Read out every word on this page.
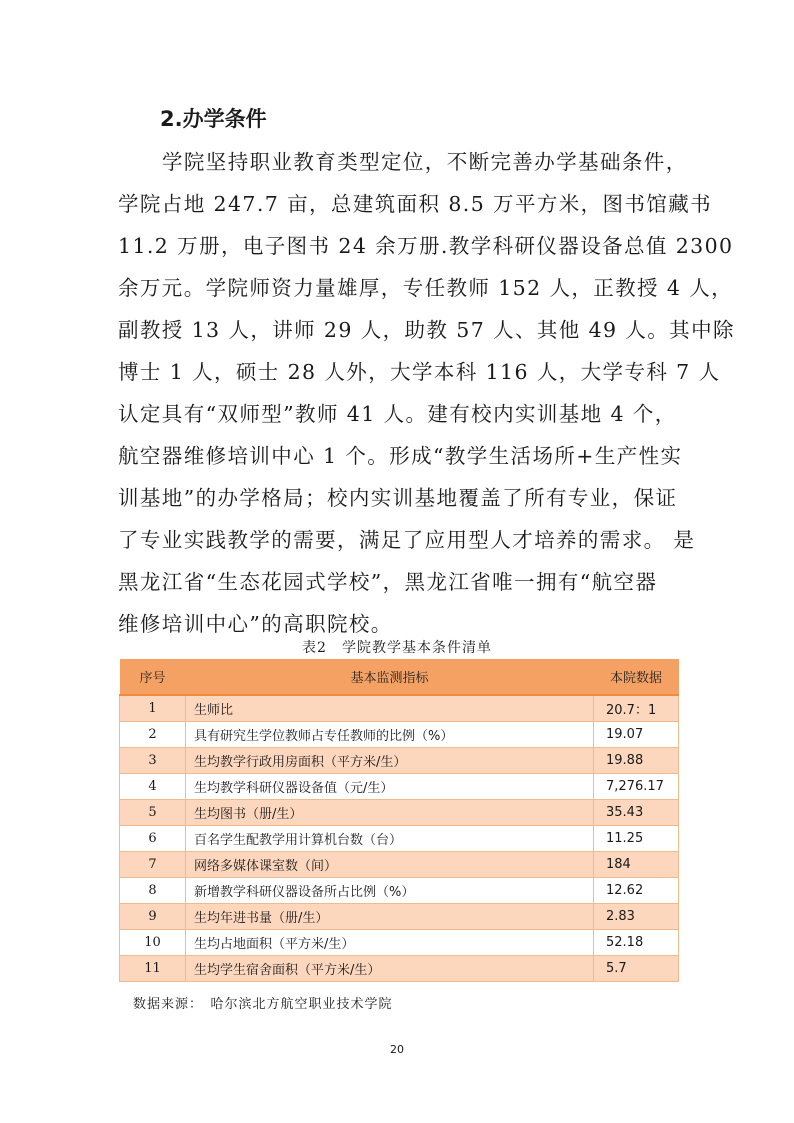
2.办学条件
学院坚持职业教育类型定位，不断完善办学基础条件，
学院占地 247.7 亩，总建筑面积 8.5 万平方米，图书馆藏书
11.2 万册，电子图书 24 余万册.教学科研仪器设备总值 2300
余万元。学院师资力量雄厚，专任教师 152 人，正教授 4 人，
副教授 13 人，讲师 29 人，助教 57 人、其他 49 人。其中除
博士 1 人，硕士 28 人外，大学本科 116 人，大学专科 7 人
认定具有“双师型”教师 41 人。建有校内实训基地 4 个，
航空器维修培训中心 1 个。形成“教学生活场所+生产性实
训基地”的办学格局；校内实训基地覆盖了所有专业，保证
了专业实践教学的需要，满足了应用型人才培养的需求。 是
黑龙江省“生态花园式学校”，黑龙江省唯一拥有“航空器
维修培训中心”的高职院校。
表2　学院教学基本条件清单
序号	基本监测指标	本院数据
1	生师比	20.7：1
2	具有研究生学位教师占专任教师的比例（%）	19.07
3	生均教学行政用房面积（平方米/生）	19.88
4	生均教学科研仪器设备值（元/生）	7,276.17
5	生均图书（册/生）	35.43
6	百名学生配教学用计算机台数（台）	11.25
7	网络多媒体课室数（间）	184
8	新增教学科研仪器设备所占比例（%）	12.62
9	生均年进书量（册/生）	2.83
10	生均占地面积（平方米/生）	52.18
11	生均学生宿舍面积（平方米/生）	5.7
数据来源：　哈尔滨北方航空职业技术学院
20
